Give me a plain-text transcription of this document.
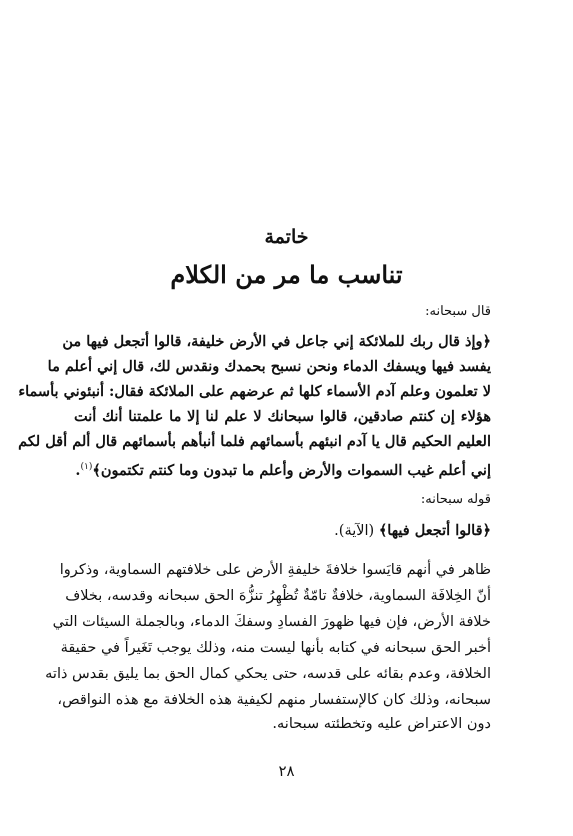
خاتمة
تناسب ما مر من الكلام

قال سبحانه:

﴿وإذ قال ربك للملائكة إني جاعل في الأرض خليفة، قالوا أتجعل فيها من

يفسد فيها ويسفك الدماء ونحن نسبح بحمدك ونقدس لك، قال إني أعلم ما

لا تعلمون وعلم آدم الأسماء كلها ثم عرضهم على الملائكة فقال: أنبئوني بأسماء

هؤلاء إن كنتم صادقين، قالوا سبحانك لا علم لنا إلا ما علمتنا أنك أنت

العليم الحكيم قال يا آدم انبئهم بأسمائهم فلما أنبأهم بأسمائهم قال ألم أقل لكم

إني أعلم غيب السموات والأرض وأعلم ما تبدون وما كنتم تكتمون﴾$^{(١)}$.

قوله سبحانه:

﴿قالوا أتجعل فيها﴾ (الآية).

ظاهر في أنهم قايَسوا خلافةَ خليفةِ الأرض على خلافتهم السماوية، وذكروا

أنّ الخِلافَة السماوية، خلافةٌ تامّةٌ تُظْهِرُ تنزُّهَ الحق سبحانه وقدسه، بخلاف

خلافة الأرض، فإن فيها ظهورَ الفسادِ وسفكَ الدماء، وبالجملة السيئات التي

أخبر الحق سبحانه في كتابه بأنها ليست منه، وذلك يوجب تَغَيراً في حقيقة

الخلافة، وعدم بقائه على قدسه، حتى يحكي كمال الحق بما يليق بقدس ذاته

سبحانه، وذلك كان كالإستفسار منهم لكيفية هذه الخلافة مع هذه النواقص،

دون الاعتراض عليه وتخطئته سبحانه.

٢٨
